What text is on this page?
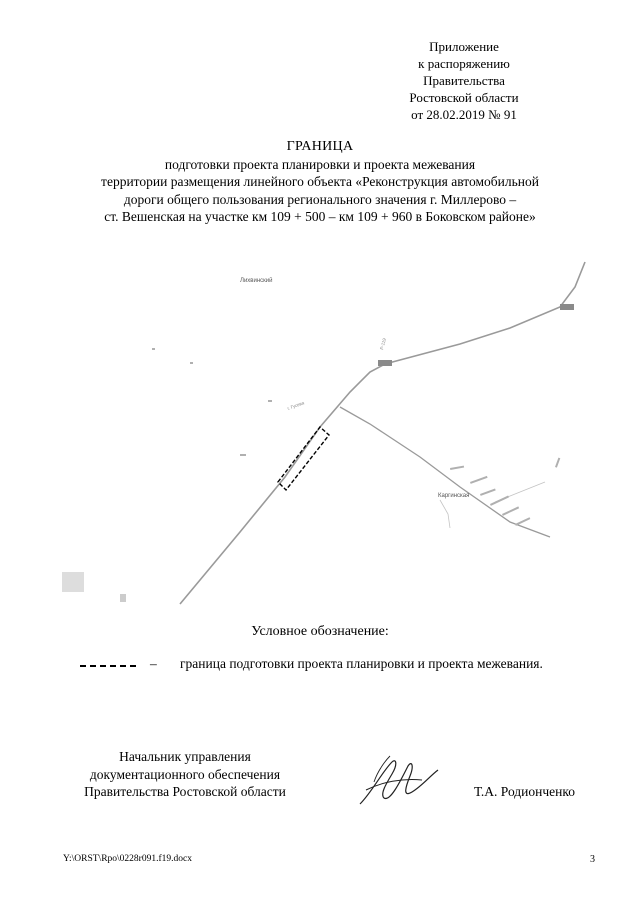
Приложение
к распоряжению
Правительства
Ростовской области
от 28.02.2019 № 91
ГРАНИЦА
подготовки проекта планировки и проекта межевания
территории размещения линейного объекта «Реконструкция автомобильной
дороги общего пользования регионального значения г. Миллерово –
ст. Вешенская на участке км 109 + 500 – км 109 + 960 в Боковском районе»
Лихвинский
Каргинская
г. Гусева
P-119
Условное обозначение:
– граница подготовки проекта планировки и проекта межевания.
Начальник управления
документационного обеспечения
Правительства Ростовской области	Т.А. Родионченко
Y:\ORST\Rpo\0228r091.f19.docx	3
